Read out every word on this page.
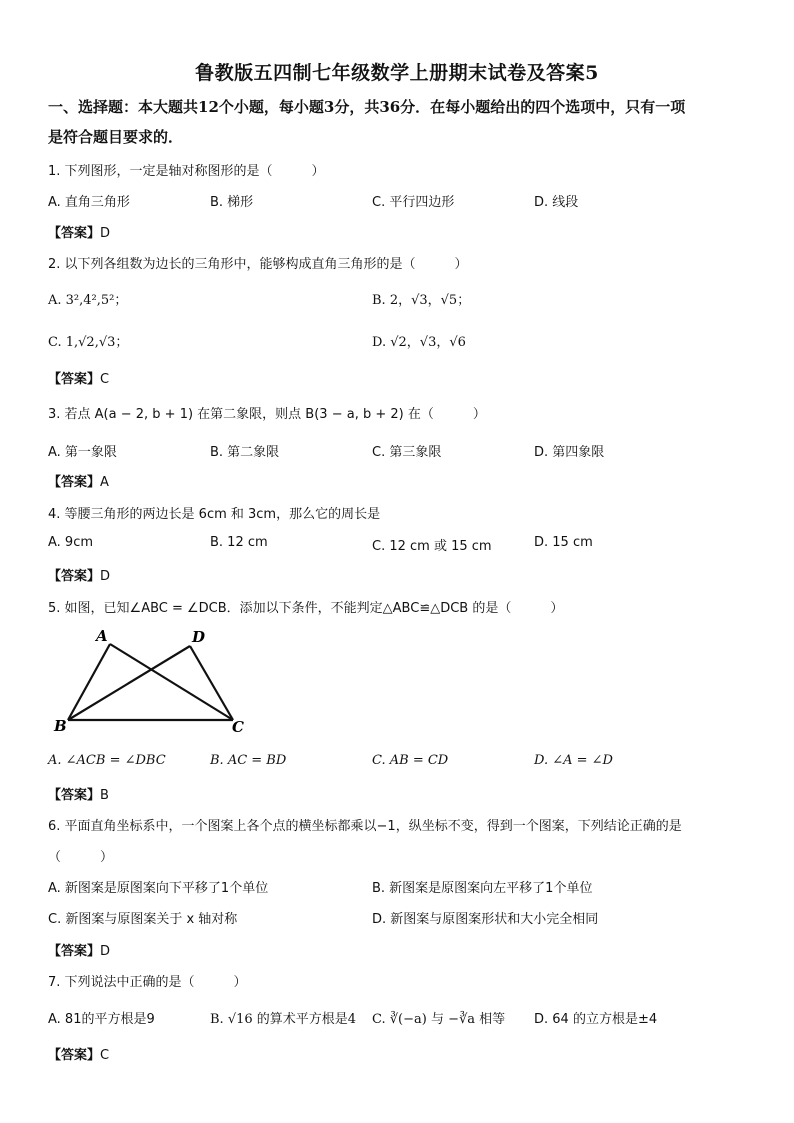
鲁教版五四制七年级数学上册期末试卷及答案5
一、选择题：本大题共12个小题，每小题3分，共36分．在每小题给出的四个选项中，只有一项
是符合题目要求的．
1. 下列图形，一定是轴对称图形的是（　　　）
A. 直角三角形	B. 梯形	C. 平行四边形	D. 线段
【答案】D
2. 以下列各组数为边长的三角形中，能够构成直角三角形的是（　　　）
A. 3²,4²,5²；	B. 2，√3，√5；
C. 1,√2,√3；	D. √2，√3，√6
【答案】C
3. 若点 A(a − 2, b + 1) 在第二象限，则点 B(3 − a, b + 2) 在（　　　）
A. 第一象限	B. 第二象限	C. 第三象限	D. 第四象限
【答案】A
4. 等腰三角形的两边长是 6cm 和 3cm，那么它的周长是
A. 9cm	B. 12 cm	C. 12 cm 或 15 cm	D. 15 cm
【答案】D
5. 如图，已知∠ABC = ∠DCB．添加以下条件，不能判定△ABC≌△DCB 的是（　　　）
A	D
B	C
A. ∠ACB = ∠DBC	B. AC = BD	C. AB = CD	D. ∠A = ∠D
【答案】B
6. 平面直角坐标系中，一个图案上各个点的横坐标都乘以−1，纵坐标不变，得到一个图案，下列结论正确的是
（　　　）
A. 新图案是原图案向下平移了1个单位	B. 新图案是原图案向左平移了1个单位
C. 新图案与原图案关于 x 轴对称	D. 新图案与原图案形状和大小完全相同
【答案】D
7. 下列说法中正确的是（　　　）
A. 81的平方根是9	B. √16 的算术平方根是4 C. ∛(−a) 与 −∛a 相等 D. 64 的立方根是±4
【答案】C
